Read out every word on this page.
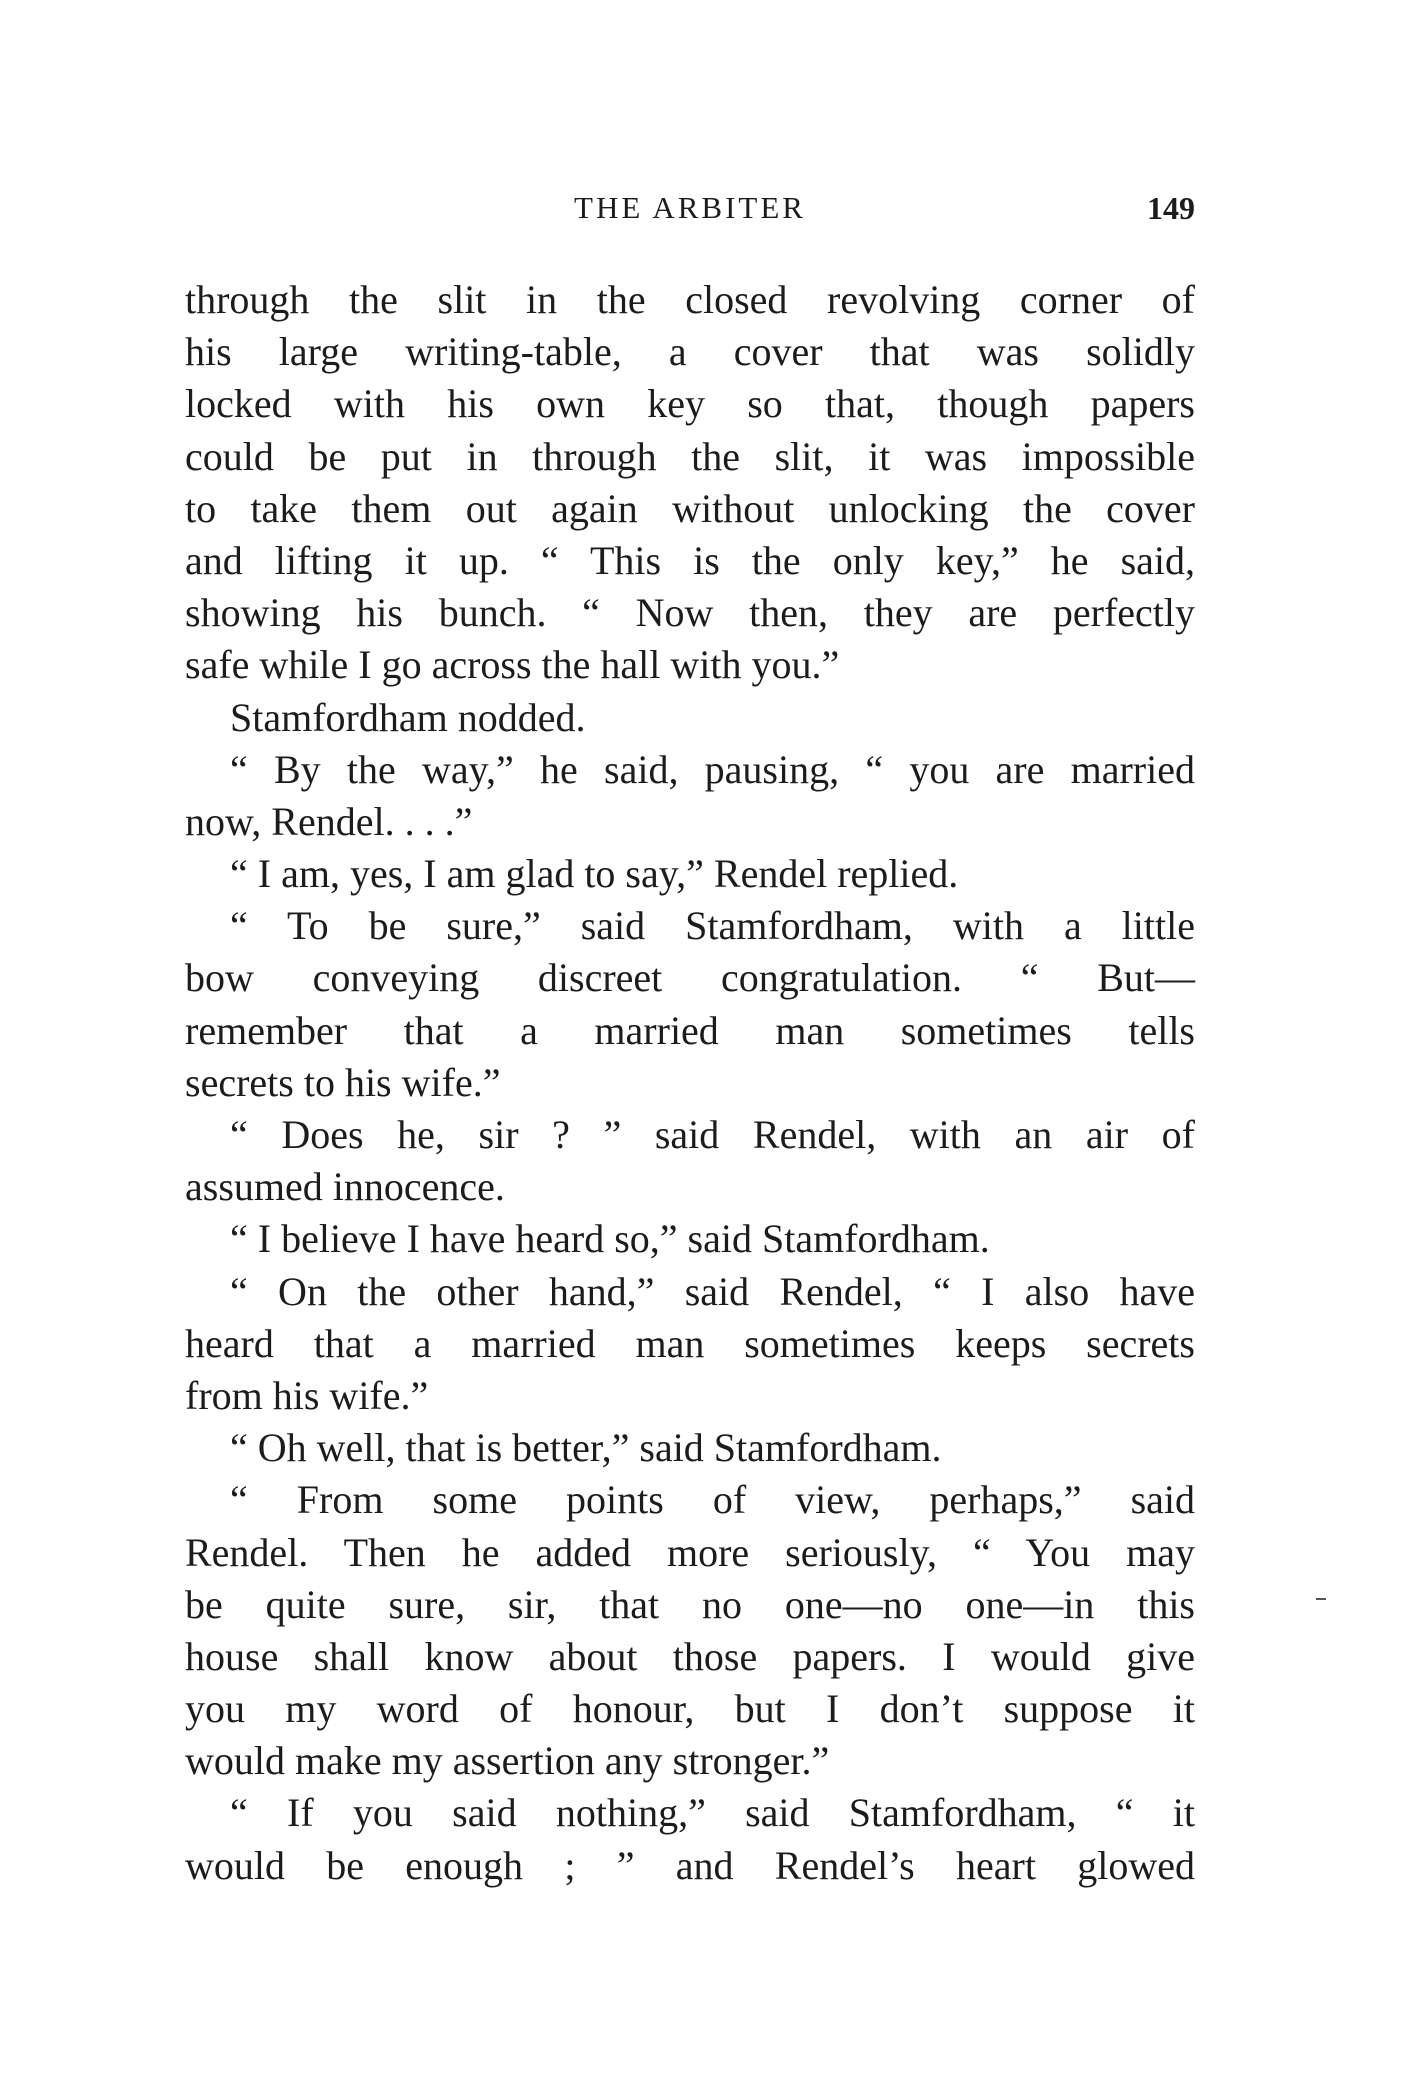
THE ARBITER	149
through the slit in the closed revolving corner of
his large writing-table, a cover that was solidly
locked with his own key so that, though papers
could be put in through the slit, it was impossible
to take them out again without unlocking the cover
and lifting it up. “ This is the only key,” he said,
showing his bunch. “ Now then, they are perfectly
safe while I go across the hall with you.”
Stamfordham nodded.
“ By the way,” he said, pausing, “ you are married
now, Rendel. . . .”
“ I am, yes, I am glad to say,” Rendel replied.
“ To be sure,” said Stamfordham, with a little
bow conveying discreet congratulation. “ But—
remember that a married man sometimes tells
secrets to his wife.”
“ Does he, sir ? ” said Rendel, with an air of
assumed innocence.
“ I believe I have heard so,” said Stamfordham.
“ On the other hand,” said Rendel, “ I also have
heard that a married man sometimes keeps secrets
from his wife.”
“ Oh well, that is better,” said Stamfordham.
“ From some points of view, perhaps,” said
Rendel. Then he added more seriously, “ You may
be quite sure, sir, that no one—no one—in this
house shall know about those papers. I would give
you my word of honour, but I don’t suppose it
would make my assertion any stronger.”
“ If you said nothing,” said Stamfordham, “ it
would be enough ; ” and Rendel’s heart glowed
